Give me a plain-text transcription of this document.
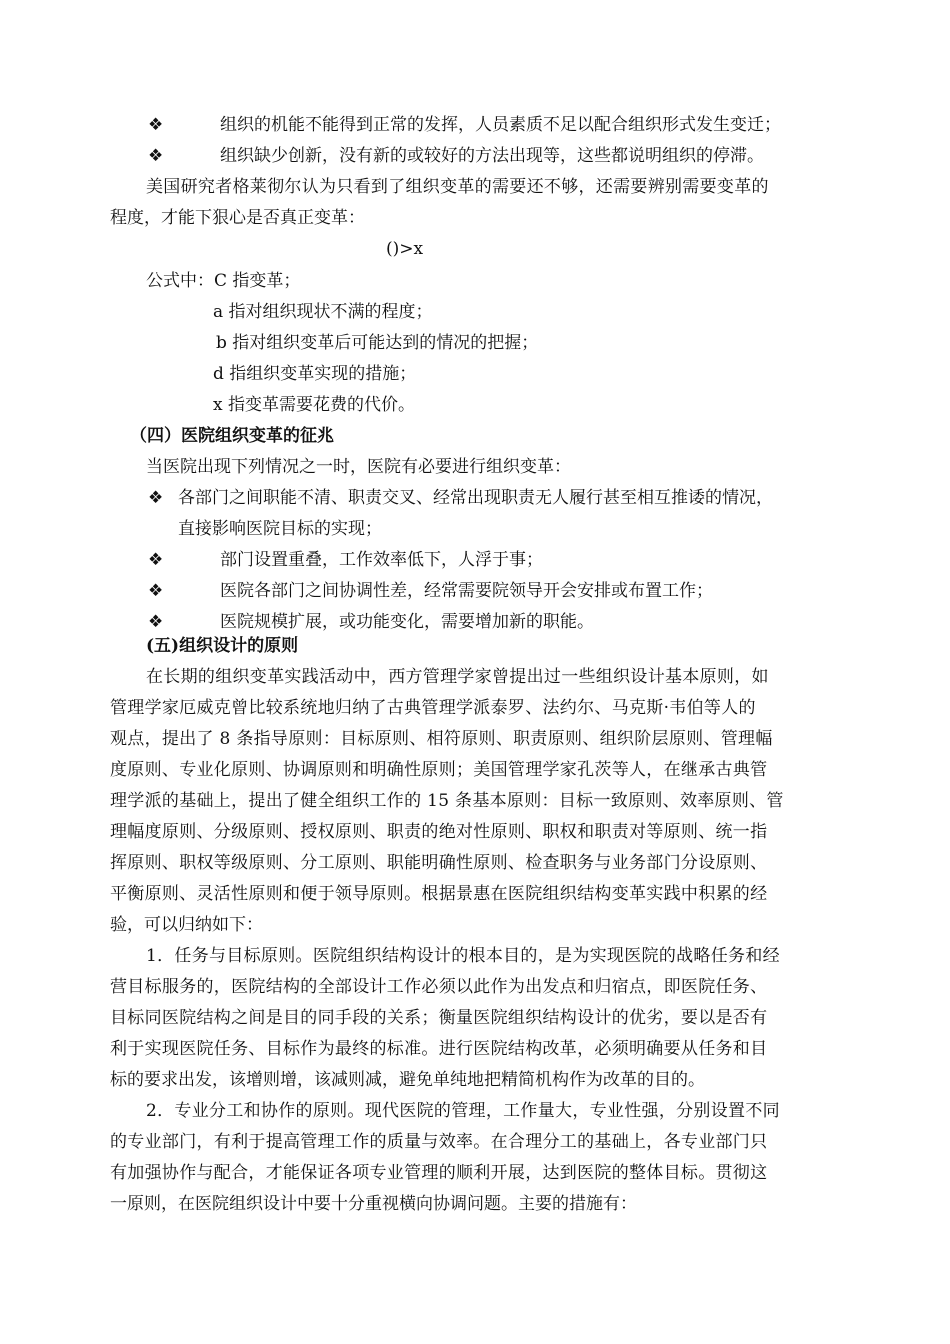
❖	组织的机能不能得到正常的发挥，人员素质不足以配合组织形式发生变迁；
❖	组织缺少创新，没有新的或较好的方法出现等，这些都说明组织的停滞。
美国研究者格莱彻尔认为只看到了组织变革的需要还不够，还需要辨别需要变革的
程度，才能下狠心是否真正变革：
()>x
公式中：C 指变革；
a 指对组织现状不满的程度；
b 指对组织变革后可能达到的情况的把握；
d 指组织变革实现的措施；
x 指变革需要花费的代价。
（四）医院组织变革的征兆
当医院出现下列情况之一时，医院有必要进行组织变革：
❖ 各部门之间职能不清、职责交叉、经常出现职责无人履行甚至相互推诿的情况，
直接影响医院目标的实现；
❖	部门设置重叠，工作效率低下，人浮于事；
❖	医院各部门之间协调性差，经常需要院领导开会安排或布置工作；
❖	医院规模扩展，或功能变化，需要增加新的职能。
(五)组织设计的原则
在长期的组织变革实践活动中，西方管理学家曾提出过一些组织设计基本原则，如
管理学家厄威克曾比较系统地归纳了古典管理学派泰罗、法约尔、马克斯·韦伯等人的
观点，提出了 8 条指导原则：目标原则、相符原则、职责原则、组织阶层原则、管理幅
度原则、专业化原则、协调原则和明确性原则；美国管理学家孔茨等人，在继承古典管
理学派的基础上，提出了健全组织工作的 15 条基本原则：目标一致原则、效率原则、管
理幅度原则、分级原则、授权原则、职责的绝对性原则、职权和职责对等原则、统一指
挥原则、职权等级原则、分工原则、职能明确性原则、检查职务与业务部门分设原则、
平衡原则、灵活性原则和便于领导原则。根据景惠在医院组织结构变革实践中积累的经
验，可以归纳如下：
1．任务与目标原则。医院组织结构设计的根本目的，是为实现医院的战略任务和经
营目标服务的，医院结构的全部设计工作必须以此作为出发点和归宿点，即医院任务、
目标同医院结构之间是目的同手段的关系；衡量医院组织结构设计的优劣，要以是否有
利于实现医院任务、目标作为最终的标准。进行医院结构改革，必须明确要从任务和目
标的要求出发，该增则增，该减则减，避免单纯地把精简机构作为改革的目的。
2．专业分工和协作的原则。现代医院的管理，工作量大，专业性强，分别设置不同
的专业部门，有利于提高管理工作的质量与效率。在合理分工的基础上，各专业部门只
有加强协作与配合，才能保证各项专业管理的顺利开展，达到医院的整体目标。贯彻这
一原则，在医院组织设计中要十分重视横向协调问题。主要的措施有：
